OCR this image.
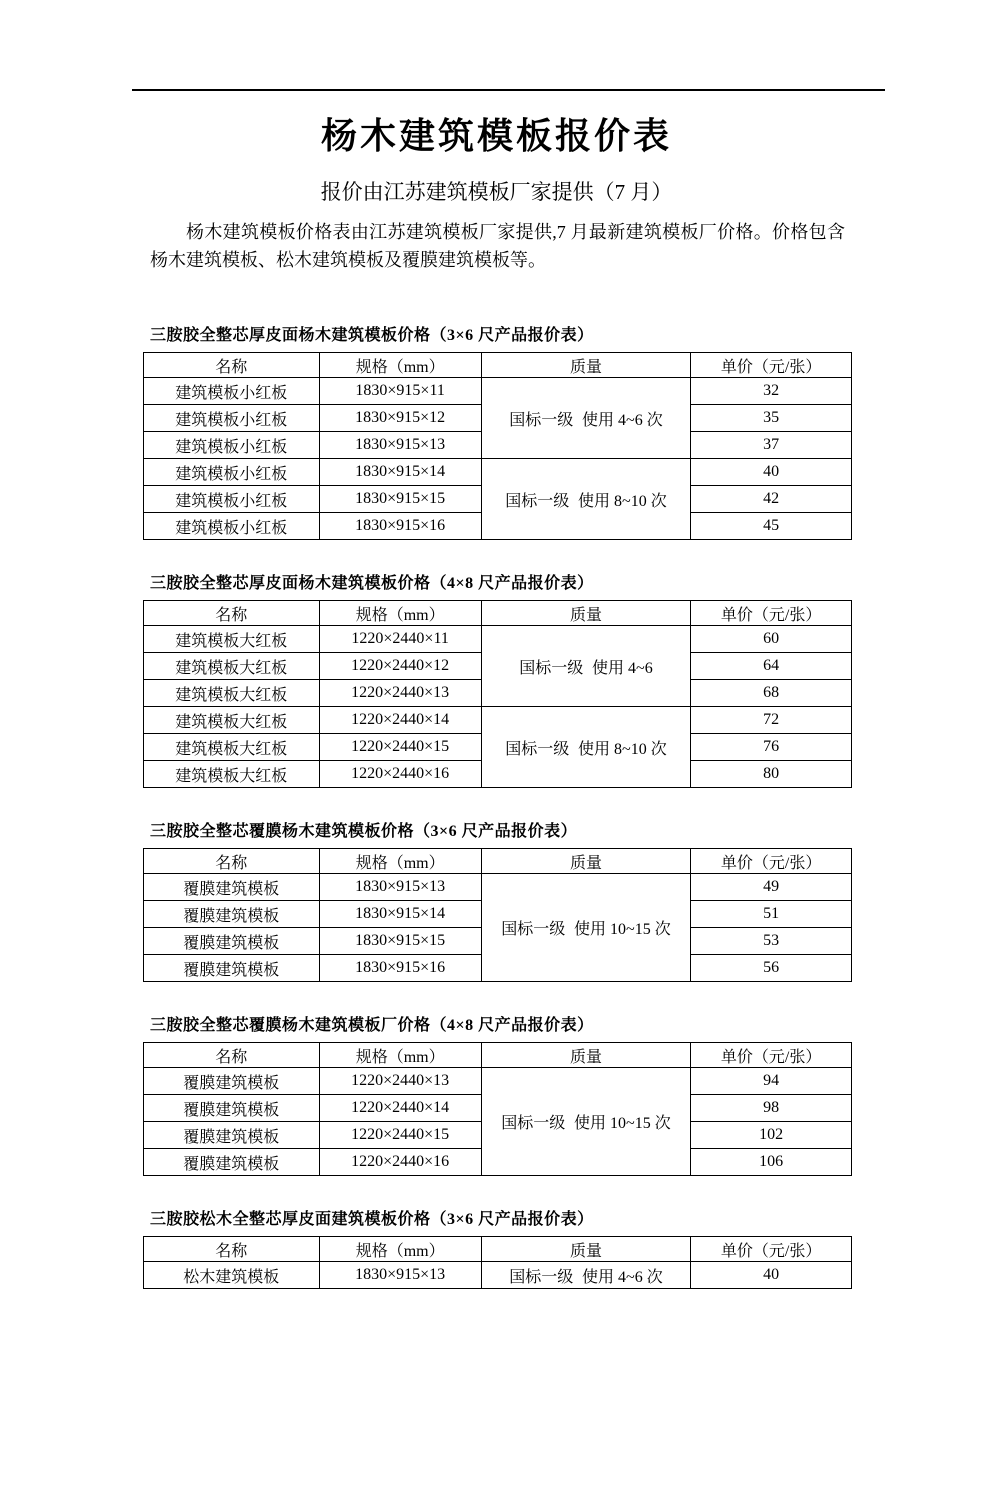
杨木建筑模板报价表
报价由江苏建筑模板厂家提供（7 月）
杨木建筑模板价格表由江苏建筑模板厂家提供,7 月最新建筑模板厂价格。价格包含杨木建筑模板、松木建筑模板及覆膜建筑模板等。
三胺胶全整芯厚皮面杨木建筑模板价格（3×6 尺产品报价表）
名称	规格（mm）	质量	单价（元/张）
建筑模板小红板	1830×915×11	国标一级 使用 4~6 次	32
建筑模板小红板	1830×915×12		35
建筑模板小红板	1830×915×13		37
建筑模板小红板	1830×915×14	国标一级 使用 8~10 次	40
建筑模板小红板	1830×915×15		42
建筑模板小红板	1830×915×16		45
三胺胶全整芯厚皮面杨木建筑模板价格（4×8 尺产品报价表）
名称	规格（mm）	质量	单价（元/张）
建筑模板大红板	1220×2440×11	国标一级 使用 4~6	60
建筑模板大红板	1220×2440×12		64
建筑模板大红板	1220×2440×13		68
建筑模板大红板	1220×2440×14	国标一级 使用 8~10 次	72
建筑模板大红板	1220×2440×15		76
建筑模板大红板	1220×2440×16		80
三胺胶全整芯覆膜杨木建筑模板价格（3×6 尺产品报价表）
名称	规格（mm）	质量	单价（元/张）
覆膜建筑模板	1830×915×13	国标一级 使用 10~15 次	49
覆膜建筑模板	1830×915×14		51
覆膜建筑模板	1830×915×15		53
覆膜建筑模板	1830×915×16		56
三胺胶全整芯覆膜杨木建筑模板厂价格（4×8 尺产品报价表）
名称	规格（mm）	质量	单价（元/张）
覆膜建筑模板	1220×2440×13	国标一级 使用 10~15 次	94
覆膜建筑模板	1220×2440×14		98
覆膜建筑模板	1220×2440×15		102
覆膜建筑模板	1220×2440×16		106
三胺胶松木全整芯厚皮面建筑模板价格（3×6 尺产品报价表）
名称	规格（mm）	质量	单价（元/张）
松木建筑模板	1830×915×13	国标一级 使用 4~6 次	40
